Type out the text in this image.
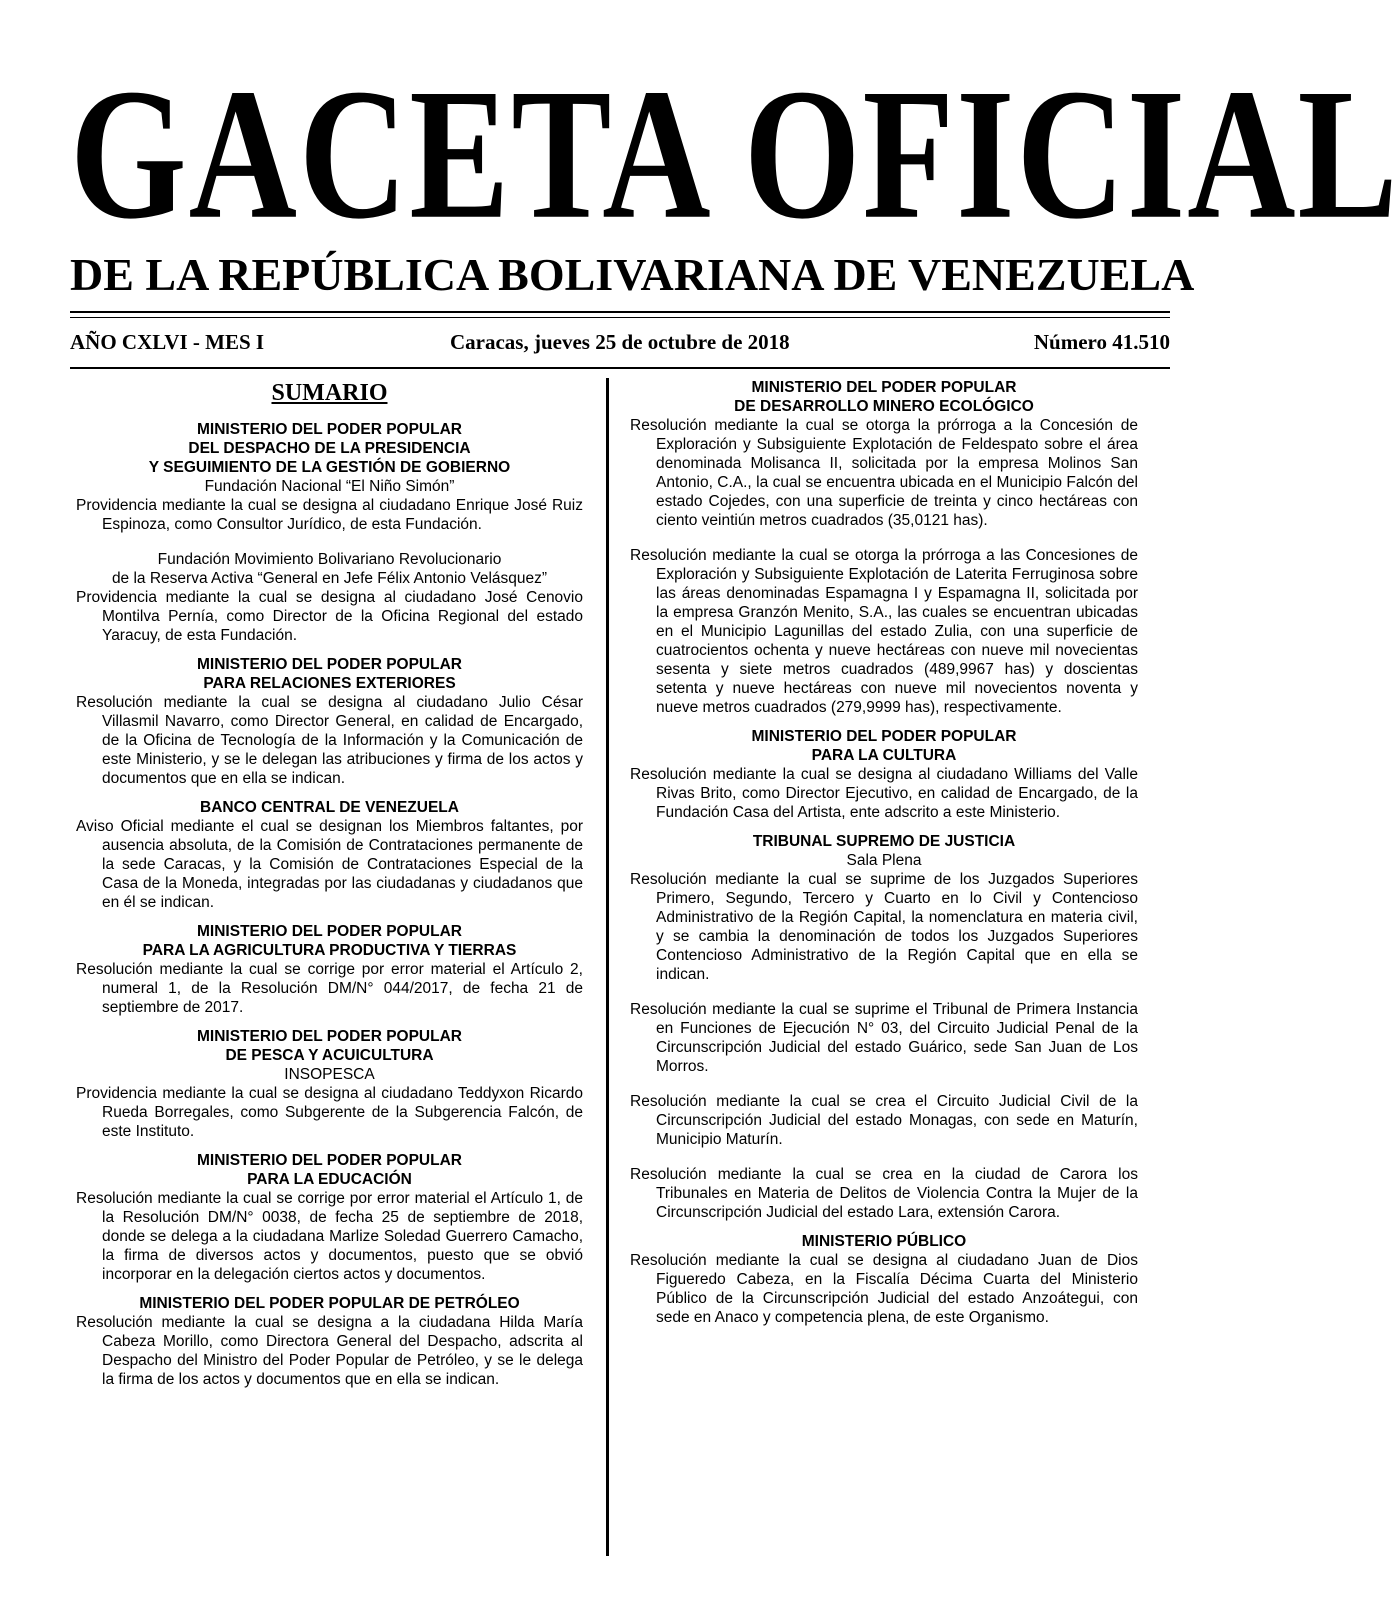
GACETA OFICIAL
DE LA REPÚBLICA BOLIVARIANA DE VENEZUELA
AÑO CXLVI - MES I	Caracas, jueves 25 de octubre de 2018	Número 41.510
SUMARIO
MINISTERIO DEL PODER POPULAR
DEL DESPACHO DE LA PRESIDENCIA
Y SEGUIMIENTO DE LA GESTIÓN DE GOBIERNO
Fundación Nacional “El Niño Simón”

Providencia mediante la cual se designa al ciudadano Enrique José Ruiz Espinoza, como Consultor Jurídico, de esta Fundación.

Fundación Movimiento Bolivariano Revolucionario
de la Reserva Activa “General en Jefe Félix Antonio Velásquez”

Providencia mediante la cual se designa al ciudadano José Cenovio Montilva Pernía, como Director de la Oficina Regional del estado Yaracuy, de esta Fundación.

MINISTERIO DEL PODER POPULAR
PARA RELACIONES EXTERIORES

Resolución mediante la cual se designa al ciudadano Julio César Villasmil Navarro, como Director General, en calidad de Encargado, de la Oficina de Tecnología de la Información y la Comunicación de este Ministerio, y se le delegan las atribuciones y firma de los actos y documentos que en ella se indican.

BANCO CENTRAL DE VENEZUELA

Aviso Oficial mediante el cual se designan los Miembros faltantes, por ausencia absoluta, de la Comisión de Contrataciones permanente de la sede Caracas, y la Comisión de Contrataciones Especial de la Casa de la Moneda, integradas por las ciudadanas y ciudadanos que en él se indican.

MINISTERIO DEL PODER POPULAR
PARA LA AGRICULTURA PRODUCTIVA Y TIERRAS

Resolución mediante la cual se corrige por error material el Artículo 2, numeral 1, de la Resolución DM/N° 044/2017, de fecha 21 de septiembre de 2017.

MINISTERIO DEL PODER POPULAR
DE PESCA Y ACUICULTURA
INSOPESCA

Providencia mediante la cual se designa al ciudadano Teddyxon Ricardo Rueda Borregales, como Subgerente de la Subgerencia Falcón, de este Instituto.

MINISTERIO DEL PODER POPULAR
PARA LA EDUCACIÓN

Resolución mediante la cual se corrige por error material el Artículo 1, de la Resolución DM/N° 0038, de fecha 25 de septiembre de 2018, donde se delega a la ciudadana Marlize Soledad Guerrero Camacho, la firma de diversos actos y documentos, puesto que se obvió incorporar en la delegación ciertos actos y documentos.

MINISTERIO DEL PODER POPULAR DE PETRÓLEO

Resolución mediante la cual se designa a la ciudadana Hilda María Cabeza Morillo, como Directora General del Despacho, adscrita al Despacho del Ministro del Poder Popular de Petróleo, y se le delega la firma de los actos y documentos que en ella se indican.

MINISTERIO DEL PODER POPULAR
DE DESARROLLO MINERO ECOLÓGICO

Resolución mediante la cual se otorga la prórroga a la Concesión de Exploración y Subsiguiente Explotación de Feldespato sobre el área denominada Molisanca II, solicitada por la empresa Molinos San Antonio, C.A., la cual se encuentra ubicada en el Municipio Falcón del estado Cojedes, con una superficie de treinta y cinco hectáreas con ciento veintiún metros cuadrados (35,0121 has).

Resolución mediante la cual se otorga la prórroga a las Concesiones de Exploración y Subsiguiente Explotación de Laterita Ferruginosa sobre las áreas denominadas Espamagna I y Espamagna II, solicitada por la empresa Granzón Menito, S.A., las cuales se encuentran ubicadas en el Municipio Lagunillas del estado Zulia, con una superficie de cuatrocientos ochenta y nueve hectáreas con nueve mil novecientas sesenta y siete metros cuadrados (489,9967 has) y doscientas setenta y nueve hectáreas con nueve mil novecientos noventa y nueve metros cuadrados (279,9999 has), respectivamente.

MINISTERIO DEL PODER POPULAR
PARA LA CULTURA

Resolución mediante la cual se designa al ciudadano Williams del Valle Rivas Brito, como Director Ejecutivo, en calidad de Encargado, de la Fundación Casa del Artista, ente adscrito a este Ministerio.

TRIBUNAL SUPREMO DE JUSTICIA
Sala Plena

Resolución mediante la cual se suprime de los Juzgados Superiores Primero, Segundo, Tercero y Cuarto en lo Civil y Contencioso Administrativo de la Región Capital, la nomenclatura en materia civil, y se cambia la denominación de todos los Juzgados Superiores Contencioso Administrativo de la Región Capital que en ella se indican.

Resolución mediante la cual se suprime el Tribunal de Primera Instancia en Funciones de Ejecución N° 03, del Circuito Judicial Penal de la Circunscripción Judicial del estado Guárico, sede San Juan de Los Morros.

Resolución mediante la cual se crea el Circuito Judicial Civil de la Circunscripción Judicial del estado Monagas, con sede en Maturín, Municipio Maturín.

Resolución mediante la cual se crea en la ciudad de Carora los Tribunales en Materia de Delitos de Violencia Contra la Mujer de la Circunscripción Judicial del estado Lara, extensión Carora.

MINISTERIO PÚBLICO

Resolución mediante la cual se designa al ciudadano Juan de Dios Figueredo Cabeza, en la Fiscalía Décima Cuarta del Ministerio Público de la Circunscripción Judicial del estado Anzoátegui, con sede en Anaco y competencia plena, de este Organismo.
